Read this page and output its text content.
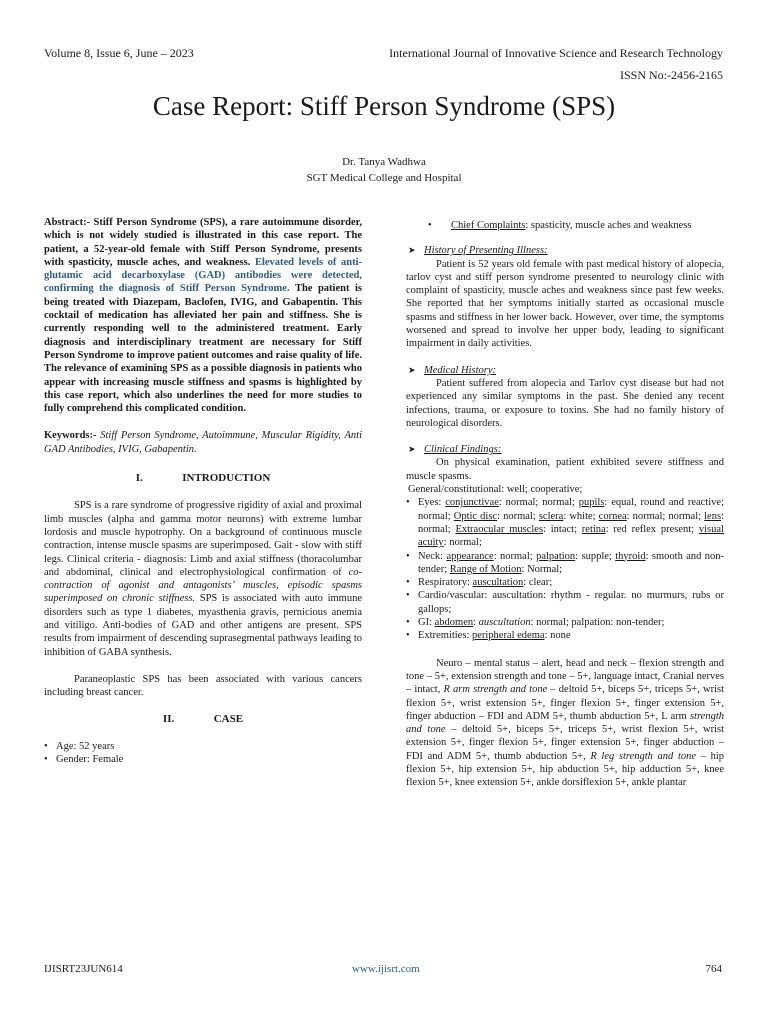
Volume 8, Issue 6, June – 2023	International Journal of Innovative Science and Research Technology
ISSN No:-2456-2165
Case Report: Stiff Person Syndrome (SPS)
Dr. Tanya Wadhwa
SGT Medical College and Hospital
Abstract:- Stiff Person Syndrome (SPS), a rare autoimmune disorder, which is not widely studied is illustrated in this case report. The patient, a 52-year-old female with Stiff Person Syndrome, presents with spasticity, muscle aches, and weakness. Elevated levels of anti-glutamic acid decarboxylase (GAD) antibodies were detected, confirming the diagnosis of Stiff Person Syndrome. The patient is being treated with Diazepam, Baclofen, IVIG, and Gabapentin. This cocktail of medication has alleviated her pain and stiffness. She is currently responding well to the administered treatment. Early diagnosis and interdisciplinary treatment are necessary for Stiff Person Syndrome to improve patient outcomes and raise quality of life. The relevance of examining SPS as a possible diagnosis in patients who appear with increasing muscle stiffness and spasms is highlighted by this case report, which also underlines the need for more studies to fully comprehend this complicated condition.
Keywords:- Stiff Person Syndrome, Autoimmune, Muscular Rigidity, Anti GAD Antibodies, IVIG, Gabapentin.
I.	INTRODUCTION
SPS is a rare syndrome of progressive rigidity of axial and proximal limb muscles (alpha and gamma motor neurons) with extreme lumbar lordosis and muscle hypotrophy. On a background of continuous muscle contraction, intense muscle spasms are superimposed. Gait - slow with stiff legs. Clinical criteria - diagnosis: Limb and axial stiffness (thoracolumbar and abdominal, clinical and electrophysiological confirmation of co-contraction of agonist and antagonists’ muscles, episodic spasms superimposed on chronic stiffness. SPS is associated with auto immune disorders such as type 1 diabetes, myasthenia gravis, pernicious anemia and vitiligo. Anti-bodies of GAD and other antigens are present. SPS results from impairment of descending suprasegmental pathways leading to inhibition of GABA synthesis.
Paraneoplastic SPS has been associated with various cancers including breast cancer.
II.	CASE
• Age: 52 years
• Gender: Female
• Chief Complaints: spasticity, muscle aches and weakness
➤ History of Presenting Illness:
Patient is 52 years old female with past medical history of alopecia, tarlov cyst and stiff person syndrome presented to neurology clinic with complaint of spasticity, muscle aches and weakness since past few weeks. She reported that her symptoms initially started as occasional muscle spasms and stiffness in her lower back. However, over time, the symptoms worsened and spread to involve her upper body, leading to significant impairment in daily activities.
➤ Medical History:
Patient suffered from alopecia and Tarlov cyst disease but had not experienced any similar symptoms in the past. She denied any recent infections, trauma, or exposure to toxins. She had no family history of neurological disorders.
➤ Clinical Findings:
On physical examination, patient exhibited severe stiffness and muscle spasms.
General/constitutional: well; cooperative;
• Eyes: conjunctivae: normal; normal; pupils: equal, round and reactive; normal; Optic disc: normal; sclera: white; cornea: normal; normal; lens: normal; Extraocular muscles: intact; retina: red reflex present; visual acuity: normal;
• Neck: appearance: normal; palpation: supple; thyroid: smooth and non-tender; Range of Motion: Normal;
• Respiratory: auscultation: clear;
• Cardio/vascular: auscultation: rhythm - regular. no murmurs, rubs or gallops;
• GI: abdomen: auscultation: normal; palpation: non-tender;
• Extremities: peripheral edema: none
Neuro – mental status – alert, head and neck – flexion strength and tone – 5+, extension strength and tone – 5+, language intact, Cranial nerves – intact, R arm strength and tone – deltoid 5+, biceps 5+, triceps 5+, wrist flexion 5+, wrist extension 5+, finger flexion 5+, finger extension 5+, finger abduction – FDI and ADM 5+, thumb abduction 5+, L arm strength and tone – deltoid 5+, biceps 5+, triceps 5+, wrist flexion 5+, wrist extension 5+, finger flexion 5+, finger extension 5+, finger abduction – FDI and ADM 5+, thumb abduction 5+, R leg strength and tone – hip flexion 5+, hip extension 5+, hip abduction 5+, hip adduction 5+, knee flexion 5+, knee extension 5+, ankle dorsiflexion 5+, ankle plantar
IJISRT23JUN614	www.ijisrt.com	764
